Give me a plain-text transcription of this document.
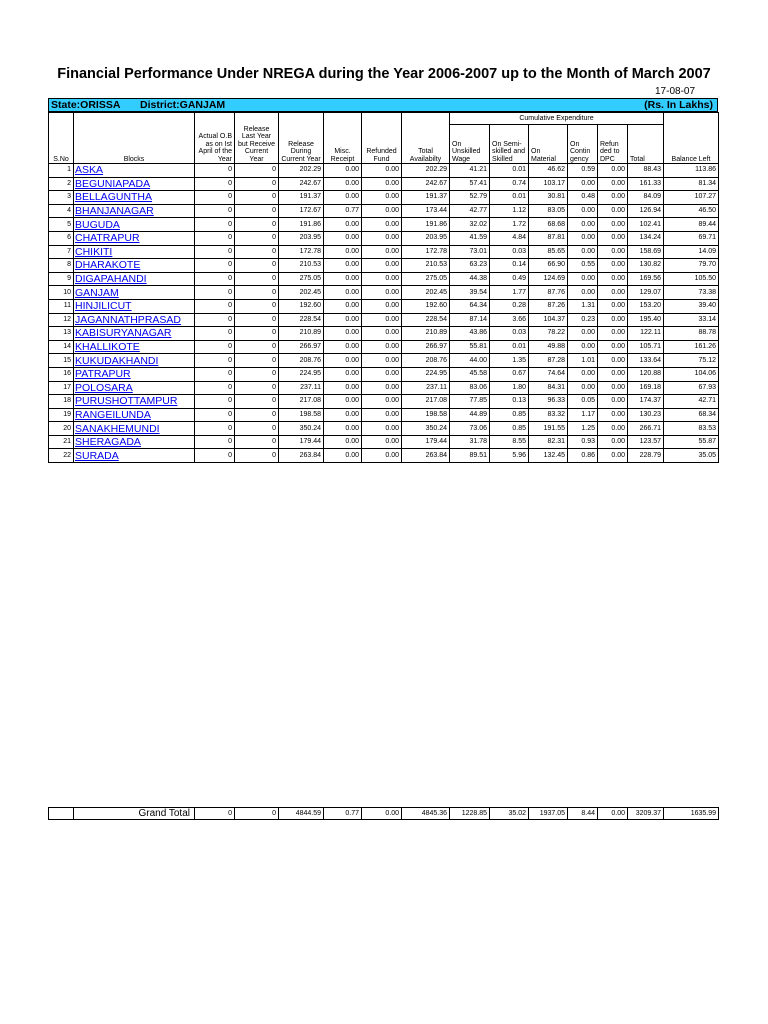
Financial Performance Under NREGA during the Year 2006-2007 up to the Month of March 2007
17-08-07
State:ORISSA District:GANJAM	(Rs. In Lakhs)
S.No	Blocks	Actual O.B as on Ist April of the Year	Release Last Year but Receive Current Year	Release During Current Year	Misc. Receipt	Refunded Fund	Total Availabilty	Cumulative Expenditure						Balance Left
								On Unskilled Wage	On Semi-skilled and Skilled	On Material	On Contin gency	Refun ded to DPC	Total	
1	ASKA	0	0	202.29	0.00	0.00	202.29	41.21	0.01	46.62	0.59	0.00	88.43	113.86
2	BEGUNIAPADA	0	0	242.67	0.00	0.00	242.67	57.41	0.74	103.17	0.00	0.00	161.33	81.34
3	BELLAGUNTHA	0	0	191.37	0.00	0.00	191.37	52.79	0.01	30.81	0.48	0.00	84.09	107.27
4	BHANJANAGAR	0	0	172.67	0.77	0.00	173.44	42.77	1.12	83.05	0.00	0.00	126.94	46.50
5	BUGUDA	0	0	191.86	0.00	0.00	191.86	32.02	1.72	68.68	0.00	0.00	102.41	89.44
6	CHATRAPUR	0	0	203.95	0.00	0.00	203.95	41.59	4.84	87.81	0.00	0.00	134.24	69.71
7	CHIKITI	0	0	172.78	0.00	0.00	172.78	73.01	0.03	85.65	0.00	0.00	158.69	14.09
8	DHARAKOTE	0	0	210.53	0.00	0.00	210.53	63.23	0.14	66.90	0.55	0.00	130.82	79.70
9	DIGAPAHANDI	0	0	275.05	0.00	0.00	275.05	44.38	0.49	124.69	0.00	0.00	169.56	105.50
10	GANJAM	0	0	202.45	0.00	0.00	202.45	39.54	1.77	87.76	0.00	0.00	129.07	73.38
11	HINJILICUT	0	0	192.60	0.00	0.00	192.60	64.34	0.28	87.26	1.31	0.00	153.20	39.40
12	JAGANNATHPRASAD	0	0	228.54	0.00	0.00	228.54	87.14	3.66	104.37	0.23	0.00	195.40	33.14
13	KABISURYANAGAR	0	0	210.89	0.00	0.00	210.89	43.86	0.03	78.22	0.00	0.00	122.11	88.78
14	KHALLIKOTE	0	0	266.97	0.00	0.00	266.97	55.81	0.01	49.88	0.00	0.00	105.71	161.26
15	KUKUDAKHANDI	0	0	208.76	0.00	0.00	208.76	44.00	1.35	87.28	1.01	0.00	133.64	75.12
16	PATRAPUR	0	0	224.95	0.00	0.00	224.95	45.58	0.67	74.64	0.00	0.00	120.88	104.06
17	POLOSARA	0	0	237.11	0.00	0.00	237.11	83.06	1.80	84.31	0.00	0.00	169.18	67.93
18	PURUSHOTTAMPUR	0	0	217.08	0.00	0.00	217.08	77.85	0.13	96.33	0.05	0.00	174.37	42.71
19	RANGEILUNDA	0	0	198.58	0.00	0.00	198.58	44.89	0.85	83.32	1.17	0.00	130.23	68.34
20	SANAKHEMUNDI	0	0	350.24	0.00	0.00	350.24	73.06	0.85	191.55	1.25	0.00	266.71	83.53
21	SHERAGADA	0	0	179.44	0.00	0.00	179.44	31.78	8.55	82.31	0.93	0.00	123.57	55.87
22	SURADA	0	0	263.84	0.00	0.00	263.84	89.51	5.96	132.45	0.86	0.00	228.79	35.05
	Grand Total	0	0	4844.59	0.77	0.00	4845.36	1228.85	35.02	1937.05	8.44	0.00	3209.37	1635.99
